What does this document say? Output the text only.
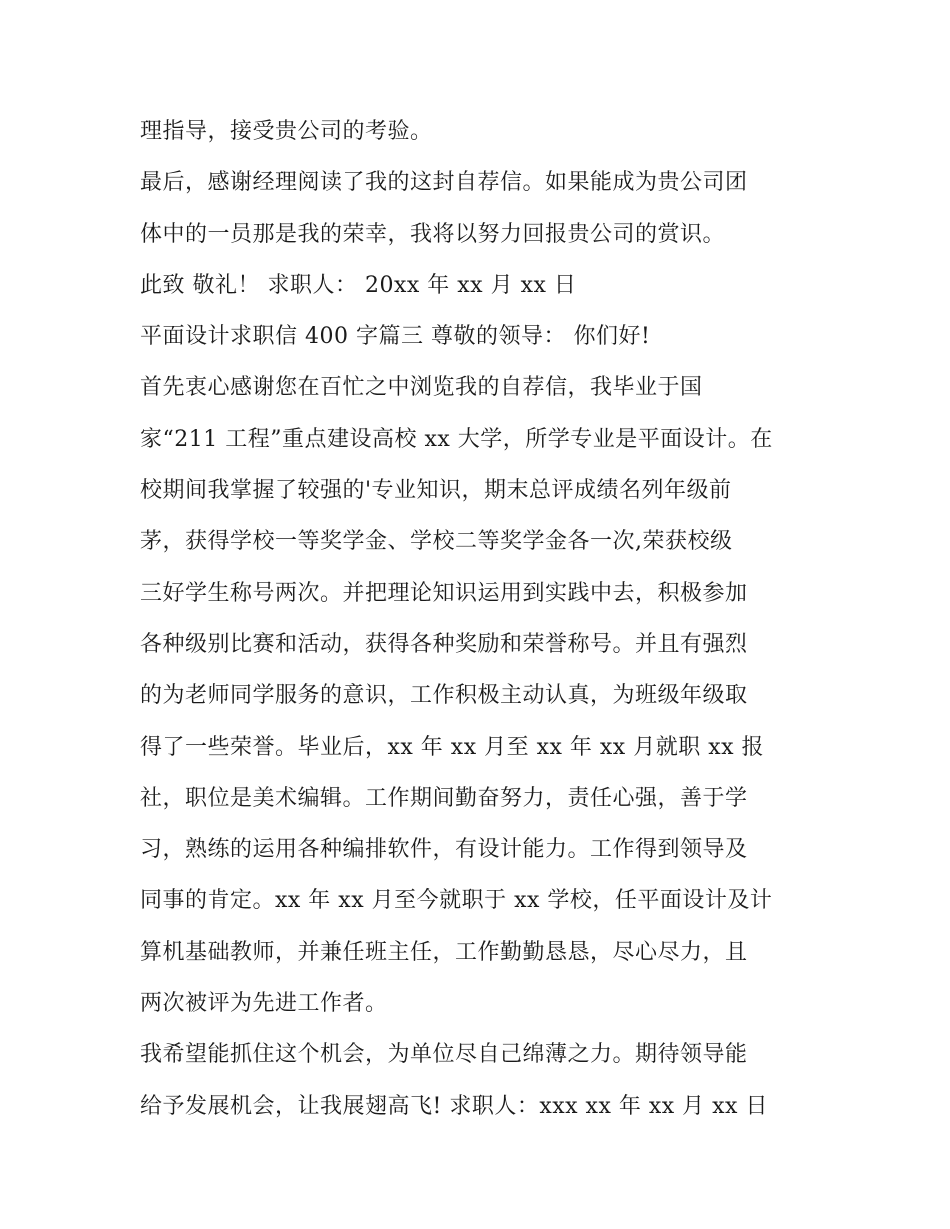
理指导，接受贵公司的考验。
最后，感谢经理阅读了我的这封自荐信。如果能成为贵公司团
体中的一员那是我的荣幸，我将以努力回报贵公司的赏识。
此致 敬礼！ 求职人： 20xx 年 xx 月 xx 日
平面设计求职信 400 字篇三 尊敬的领导： 你们好!
首先衷心感谢您在百忙之中浏览我的自荐信，我毕业于国
家“211 工程”重点建设高校 xx 大学，所学专业是平面设计。在
校期间我掌握了较强的'专业知识，期末总评成绩名列年级前
茅，获得学校一等奖学金、学校二等奖学金各一次,荣获校级
三好学生称号两次。并把理论知识运用到实践中去，积极参加
各种级别比赛和活动，获得各种奖励和荣誉称号。并且有强烈
的为老师同学服务的意识，工作积极主动认真，为班级年级取
得了一些荣誉。毕业后，xx 年 xx 月至 xx 年 xx 月就职 xx 报
社，职位是美术编辑。工作期间勤奋努力，责任心强，善于学
习，熟练的运用各种编排软件，有设计能力。工作得到领导及
同事的肯定。xx 年 xx 月至今就职于 xx 学校，任平面设计及计
算机基础教师，并兼任班主任，工作勤勤恳恳，尽心尽力，且
两次被评为先进工作者。
我希望能抓住这个机会，为单位尽自己绵薄之力。期待领导能
给予发展机会，让我展翅高飞! 求职人：xxx xx 年 xx 月 xx 日
